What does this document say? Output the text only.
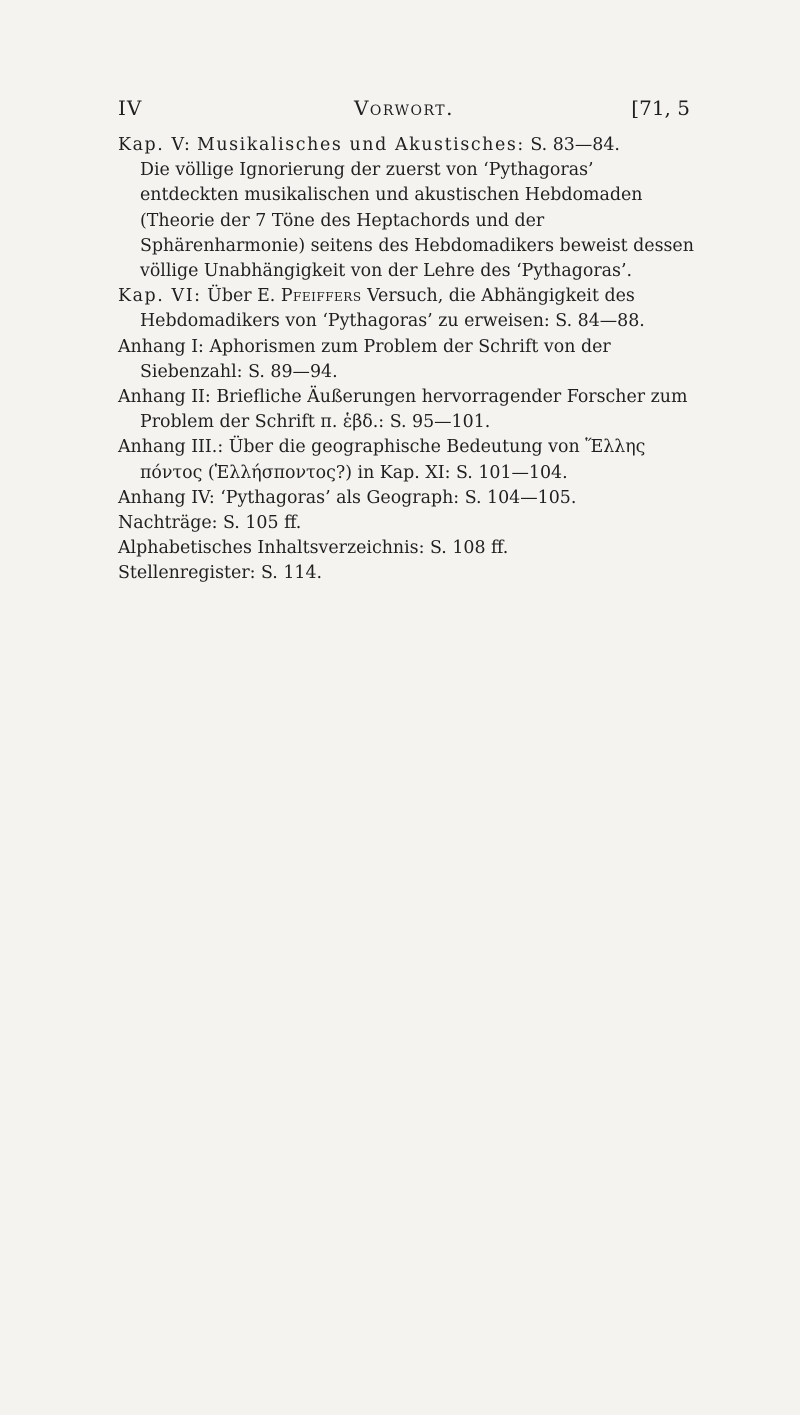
IV	Vorwort.	[71, 5

Kap. V: Musikalisches und Akustisches: S. 83—84.

Die völlige Ignorierung der zuerst von ‘Pythagoras’ entdeckten musikalischen und akustischen Hebdomaden (Theorie der 7 Töne des Heptachords und der Sphärenharmonie) seitens des Hebdomadikers beweist dessen völlige Unabhängigkeit von der Lehre des ‘Pythagoras’.

Kap. VI: Über E. Pfeiffers Versuch, die Abhängigkeit des Hebdomadikers von ‘Pythagoras’ zu erweisen: S. 84—88.

Anhang I: Aphorismen zum Problem der Schrift von der Siebenzahl: S. 89—94.

Anhang II: Briefliche Äußerungen hervorragender Forscher zum Problem der Schrift π. ἑβδ.: S. 95—101.

Anhang III.: Über die geographische Bedeutung von Ἕλλης πόντος (Ἑλλήσποντος?) in Kap. XI: S. 101—104.

Anhang IV: ‘Pythagoras’ als Geograph: S. 104—105.

Nachträge: S. 105 ff.

Alphabetisches Inhaltsverzeichnis: S. 108 ff.

Stellenregister: S. 114.
